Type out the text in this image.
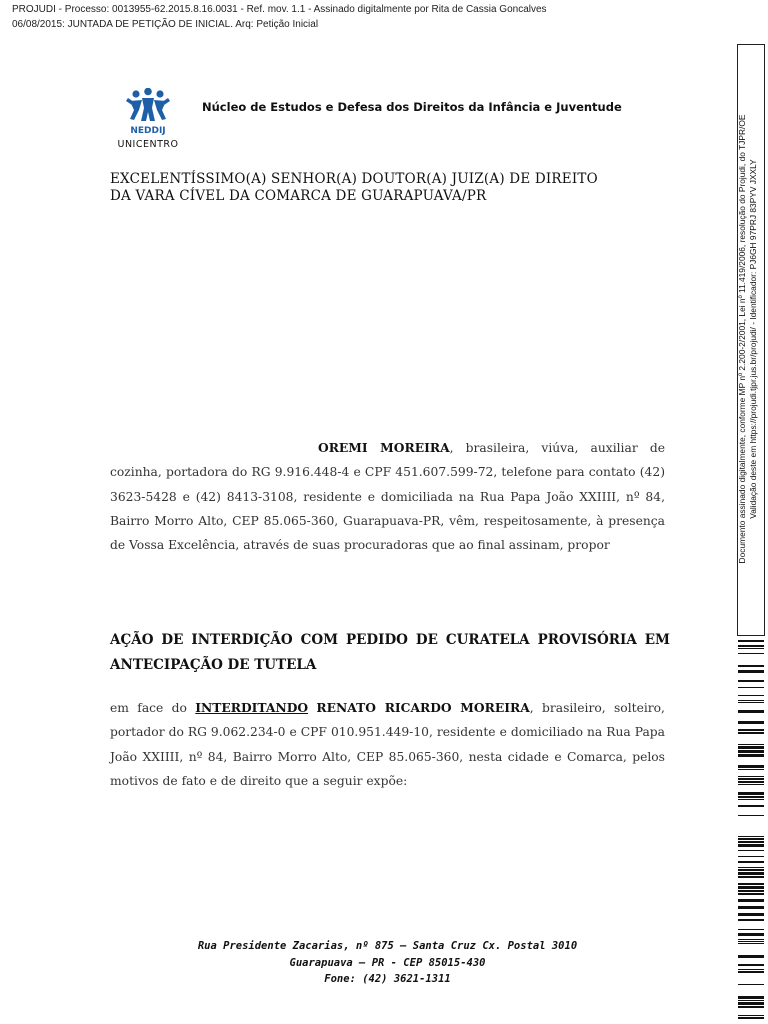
PROJUDI - Processo: 0013955-62.2015.8.16.0031 - Ref. mov. 1.1 - Assinado digitalmente por Rita de Cassia Goncalves
06/08/2015: JUNTADA DE PETIÇÃO DE INICIAL. Arq: Petição Inicial
NEDDIJ
UNICENTRO
Núcleo de Estudos e Defesa dos Direitos da Infância e Juventude
EXCELENTÍSSIMO(A) SENHOR(A) DOUTOR(A) JUIZ(A) DE DIREITO
DA VARA CÍVEL DA COMARCA DE GUARAPUAVA/PR
OREMI MOREIRA, brasileira, viúva, auxiliar de cozinha, portadora do RG 9.916.448-4 e CPF 451.607.599-72, telefone para contato (42) 3623-5428 e (42) 8413-3108, residente e domiciliada na Rua Papa João XXIIII, nº 84, Bairro Morro Alto, CEP 85.065-360, Guarapuava-PR, vêm, respeitosamente, à presença de Vossa Excelência, através de suas procuradoras que ao final assinam, propor
AÇÃO DE INTERDIÇÃO COM PEDIDO DE CURATELA PROVISÓRIA EM ANTECIPAÇÃO DE TUTELA
em face do INTERDITANDO RENATO RICARDO MOREIRA, brasileiro, solteiro, portador do RG 9.062.234-0 e CPF 010.951.449-10, residente e domiciliado na Rua Papa João XXIIII, nº 84, Bairro Morro Alto, CEP 85.065-360, nesta cidade e Comarca, pelos motivos de fato e de direito que a seguir expõe:
Rua Presidente Zacarias, nº 875 – Santa Cruz Cx. Postal 3010
Guarapuava – PR - CEP 85015-430
Fone: (42) 3621-1311
Documento assinado digitalmente, conforme MP nº 2.200-2/2001, Lei nº 11.419/2006, resolução do Projudi, do TJPR/OE Validação deste em https://projudi.tjpr.jus.br/projudi/ - Identificador: PJ6GH 97PRJ 83PYV JXXLY
